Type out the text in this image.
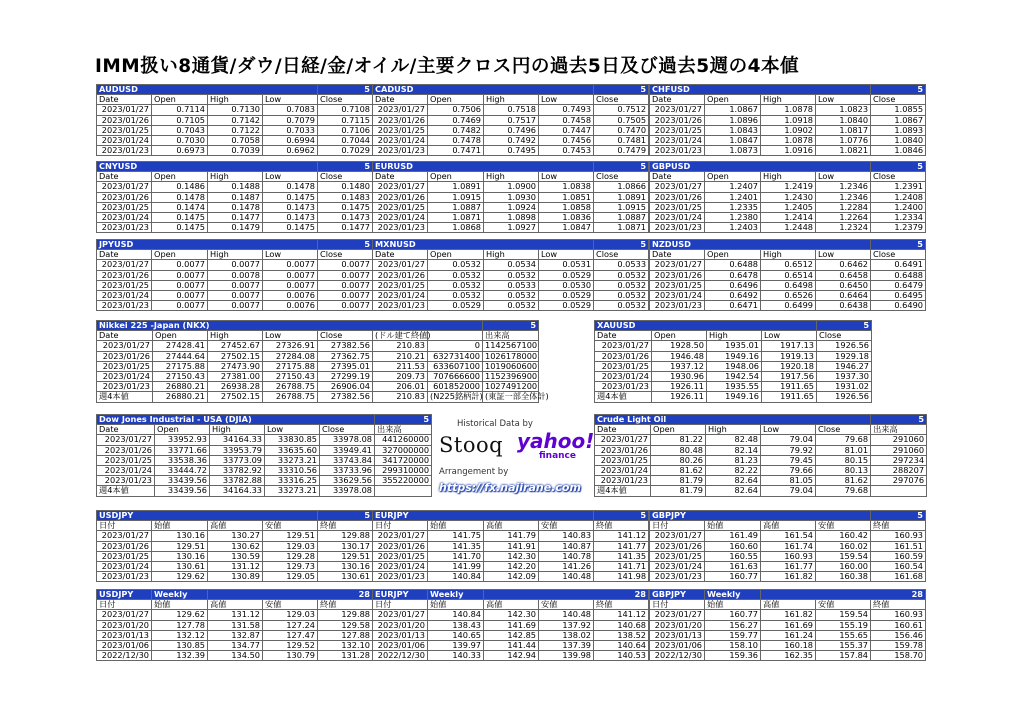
IMM扱い8通貨/ダウ/日経/金/オイル/主要クロス円の過去5日及び過去5週の4本値
AUDUSD				5
Date	Open	High	Low	Close
2023/01/27	0.7114	0.7130	0.7083	0.7108
2023/01/26	0.7105	0.7142	0.7079	0.7115
2023/01/25	0.7043	0.7122	0.7033	0.7106
2023/01/24	0.7030	0.7058	0.6994	0.7044
2023/01/23	0.6973	0.7039	0.6962	0.7029
CADUSD				5
Date	Open	High	Low	Close
2023/01/27	0.7506	0.7518	0.7493	0.7512
2023/01/26	0.7469	0.7517	0.7458	0.7505
2023/01/25	0.7482	0.7496	0.7447	0.7470
2023/01/24	0.7478	0.7492	0.7456	0.7481
2023/01/23	0.7471	0.7495	0.7453	0.7479
CHFUSD				5
Date	Open	High	Low	Close
2023/01/27	1.0867	1.0878	1.0823	1.0855
2023/01/26	1.0896	1.0918	1.0840	1.0867
2023/01/25	1.0843	1.0902	1.0817	1.0893
2023/01/24	1.0847	1.0878	1.0776	1.0840
2023/01/23	1.0873	1.0916	1.0821	1.0846
CNYUSD				5
Date	Open	High	Low	Close
2023/01/27	0.1486	0.1488	0.1478	0.1480
2023/01/26	0.1478	0.1487	0.1475	0.1483
2023/01/25	0.1474	0.1478	0.1473	0.1475
2023/01/24	0.1475	0.1477	0.1473	0.1473
2023/01/23	0.1475	0.1479	0.1475	0.1477
EURUSD				5
Date	Open	High	Low	Close
2023/01/27	1.0891	1.0900	1.0838	1.0866
2023/01/26	1.0915	1.0930	1.0851	1.0891
2023/01/25	1.0887	1.0924	1.0858	1.0915
2023/01/24	1.0871	1.0898	1.0836	1.0887
2023/01/23	1.0868	1.0927	1.0847	1.0871
GBPUSD				5
Date	Open	High	Low	Close
2023/01/27	1.2407	1.2419	1.2346	1.2391
2023/01/26	1.2401	1.2430	1.2346	1.2408
2023/01/25	1.2335	1.2405	1.2284	1.2400
2023/01/24	1.2380	1.2414	1.2264	1.2334
2023/01/23	1.2403	1.2448	1.2324	1.2379
JPYUSD				5
Date	Open	High	Low	Close
2023/01/27	0.0077	0.0077	0.0077	0.0077
2023/01/26	0.0077	0.0078	0.0077	0.0077
2023/01/25	0.0077	0.0077	0.0077	0.0077
2023/01/24	0.0077	0.0077	0.0076	0.0077
2023/01/23	0.0077	0.0077	0.0076	0.0077
MXNUSD				5
Date	Open	High	Low	Close
2023/01/27	0.0532	0.0534	0.0531	0.0533
2023/01/26	0.0532	0.0532	0.0529	0.0532
2023/01/25	0.0532	0.0533	0.0530	0.0532
2023/01/24	0.0532	0.0532	0.0529	0.0532
2023/01/23	0.0529	0.0532	0.0529	0.0532
NZDUSD				5
Date	Open	High	Low	Close
2023/01/27	0.6488	0.6512	0.6462	0.6491
2023/01/26	0.6478	0.6514	0.6458	0.6488
2023/01/25	0.6496	0.6498	0.6450	0.6479
2023/01/24	0.6492	0.6526	0.6464	0.6495
2023/01/23	0.6471	0.6499	0.6438	0.6490
Nikkei 225 -Japan (NKX)							5
Date	Open	High	Low	Close	(ドル建て終値)		出来高
2023/01/27	27428.41	27452.67	27326.91	27382.56	210.83	0	1142567100
2023/01/26	27444.64	27502.15	27284.08	27362.75	210.21	632731400	1026178000
2023/01/25	27175.88	27473.90	27175.88	27395.01	211.53	633607100	1019060600
2023/01/24	27150.43	27381.00	27150.43	27299.19	209.73	707666600	1152396900
2023/01/23	26880.21	26938.28	26788.75	26906.04	206.01	601852000	1027491200
週4本値	26880.21	27502.15	26788.75	27382.56	210.83	(N225銘柄計)	(東証一部全体計)
XAUUSD				5
Date	Open	High	Low	Close
2023/01/27	1928.50	1935.01	1917.13	1926.56
2023/01/26	1946.48	1949.16	1919.13	1929.18
2023/01/25	1937.12	1948.06	1920.18	1946.27
2023/01/24	1930.96	1942.54	1917.56	1937.30
2023/01/23	1926.11	1935.55	1911.65	1931.02
週4本値	1926.11	1949.16	1911.65	1926.56
Dow Jones Industrial - USA (DJIA)					5
Date	Open	High	Low	Close	出来高
2023/01/27	33952.93	34164.33	33830.85	33978.08	441260000
2023/01/26	33771.66	33953.79	33635.60	33949.41	327000000
2023/01/25	33538.36	33773.09	33273.21	33743.84	341720000
2023/01/24	33444.72	33782.92	33310.56	33733.96	299310000
2023/01/23	33439.56	33782.88	33316.25	33629.56	355220000
週4本値	33439.56	34164.33	33273.21	33978.08	
Crude Light Oil					5
Date	Open	High	Low	Close	出来高
2023/01/27	81.22	82.48	79.04	79.68	291060
2023/01/26	80.48	82.14	79.92	81.01	291060
2023/01/25	80.26	81.23	79.45	80.15	297234
2023/01/24	81.62	82.22	79.66	80.13	288207
2023/01/23	81.79	82.64	81.05	81.62	297076
週4本値	81.79	82.64	79.04	79.68	
USDJPY				5
日付	始値	高値	安値	終値
2023/01/27	130.16	130.27	129.51	129.88
2023/01/26	129.51	130.62	129.03	130.17
2023/01/25	130.16	130.59	129.28	129.51
2023/01/24	130.61	131.12	129.73	130.16
2023/01/23	129.62	130.89	129.05	130.61
EURJPY				5
日付	始値	高値	安値	終値
2023/01/27	141.75	141.79	140.83	141.12
2023/01/26	141.35	141.91	140.87	141.77
2023/01/25	141.70	142.30	140.78	141.35
2023/01/24	141.99	142.20	141.26	141.71
2023/01/23	140.84	142.09	140.48	141.98
GBPJPY				5
日付	始値	高値	安値	終値
2023/01/27	161.49	161.54	160.42	160.93
2023/01/26	160.60	161.74	160.02	161.51
2023/01/25	160.55	160.93	159.54	160.59
2023/01/24	161.63	161.77	160.00	160.54
2023/01/23	160.77	161.82	160.38	161.68
USDJPY	Weekly	28		
日付	始値	高値	安値	終値
2023/01/27	129.62	131.12	129.03	129.88
2023/01/20	127.78	131.58	127.24	129.58
2023/01/13	132.12	132.87	127.47	127.88
2023/01/06	130.85	134.77	129.52	132.10
2022/12/30	132.39	134.50	130.79	131.28
EURJPY	Weekly	28		
日付	始値	高値	安値	終値
2023/01/27	140.84	142.30	140.48	141.12
2023/01/20	138.43	141.69	137.92	140.68
2023/01/13	140.65	142.85	138.02	138.52
2023/01/06	139.97	141.44	137.39	140.64
2022/12/30	140.33	142.94	139.98	140.53
GBPJPY	Weekly	28		
日付	始値	高値	安値	終値
2023/01/27	160.77	161.82	159.54	160.93
2023/01/20	156.27	161.69	155.19	160.61
2023/01/13	159.77	161.24	155.65	156.46
2023/01/06	158.10	160.18	155.37	159.78
2022/12/30	159.36	162.35	157.84	158.70
Historical Data by
Stooq yahoo!
finance
Arrangement by
https://fx.najirane.com
